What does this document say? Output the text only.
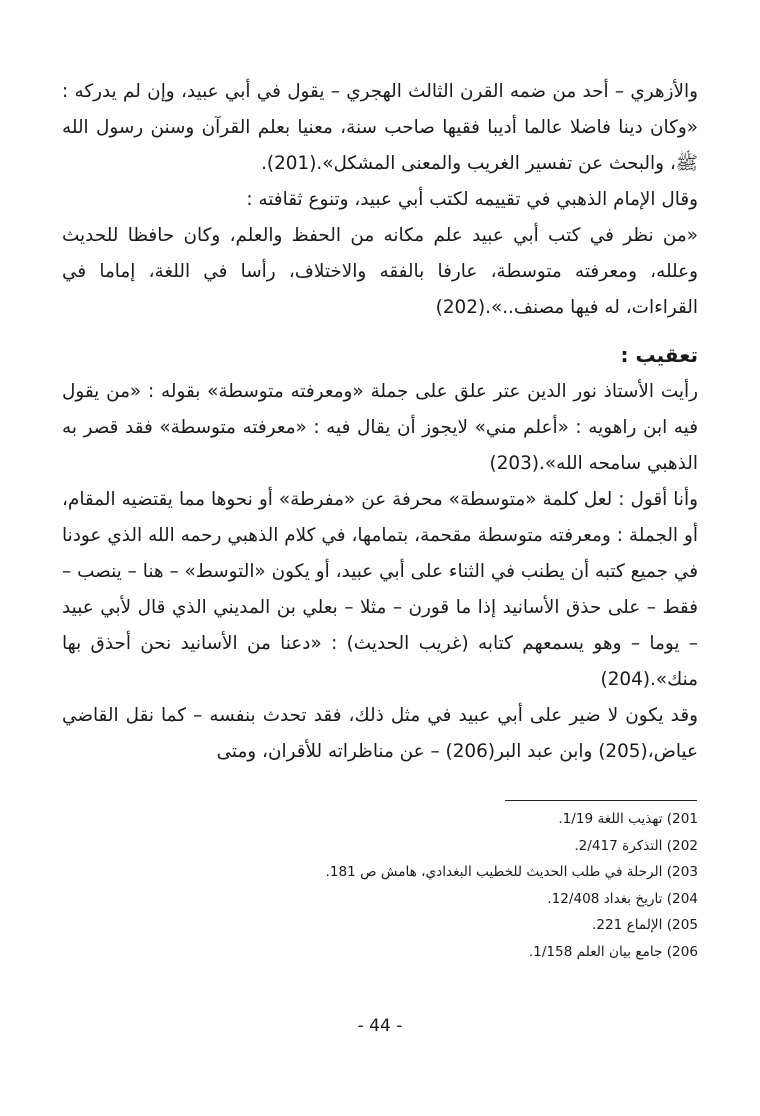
والأزهري – أحد من ضمه القرن الثالث الهجري – يقول في أبي عبيد، وإن لم يدركه : «وكان دينا فاضلا عالما أديبا فقيها صاحب سنة، معنيا بعلم القرآن وسنن رسول الله ﷺ، والبحث عن تفسير الغريب والمعنى المشكل».(201).

وقال الإمام الذهبي في تقييمه لكتب أبي عبيد، وتنوع ثقافته :

«من نظر في كتب أبي عبيد علم مكانه من الحفظ والعلم، وكان حافظا للحديث وعلله، ومعرفته متوسطة، عارفا بالفقه والاختلاف، رأسا في اللغة، إماما في القراءات، له فيها مصنف..».(202)

تعقيب :

رأيت الأستاذ نور الدين عتر علق على جملة «ومعرفته متوسطة» بقوله : «من يقول فيه ابن راهويه : «أعلم مني» لايجوز أن يقال فيه : «معرفته متوسطة» فقد قصر به الذهبي سامحه الله».(203)

وأنا أقول : لعل كلمة «متوسطة» محرفة عن «مفرطة» أو نحوها مما يقتضيه المقام، أو الجملة : ومعرفته متوسطة مقحمة، بتمامها، في كلام الذهبي رحمه الله الذي عودنا في جميع كتبه أن يطنب في الثناء على أبي عبيد، أو يكون «التوسط» – هنا – ينصب – فقط – على حذق الأسانيد إذا ما قورن – مثلا – بعلي بن المديني الذي قال لأبي عبيد – يوما – وهو يسمعهم كتابه (غريب الحديث) : «دعنا من الأسانيد نحن أحذق بها منك».(204)

وقد يكون لا ضير على أبي عبيد في مثل ذلك، فقد تحدث بنفسه – كما نقل القاضي عياض،(205) وابن عبد البر(206) – عن مناظراته للأقران، ومتى

201) تهذيب اللغة 1/19.
202) التذكرة 2/417.
203) الرحلة في طلب الحديث للخطيب البغدادي، هامش ص 181.
204) تاريخ بغداد 12/408.
205) الإلماع 221.
206) جامع بيان العلم 1/158.
- 44 -
